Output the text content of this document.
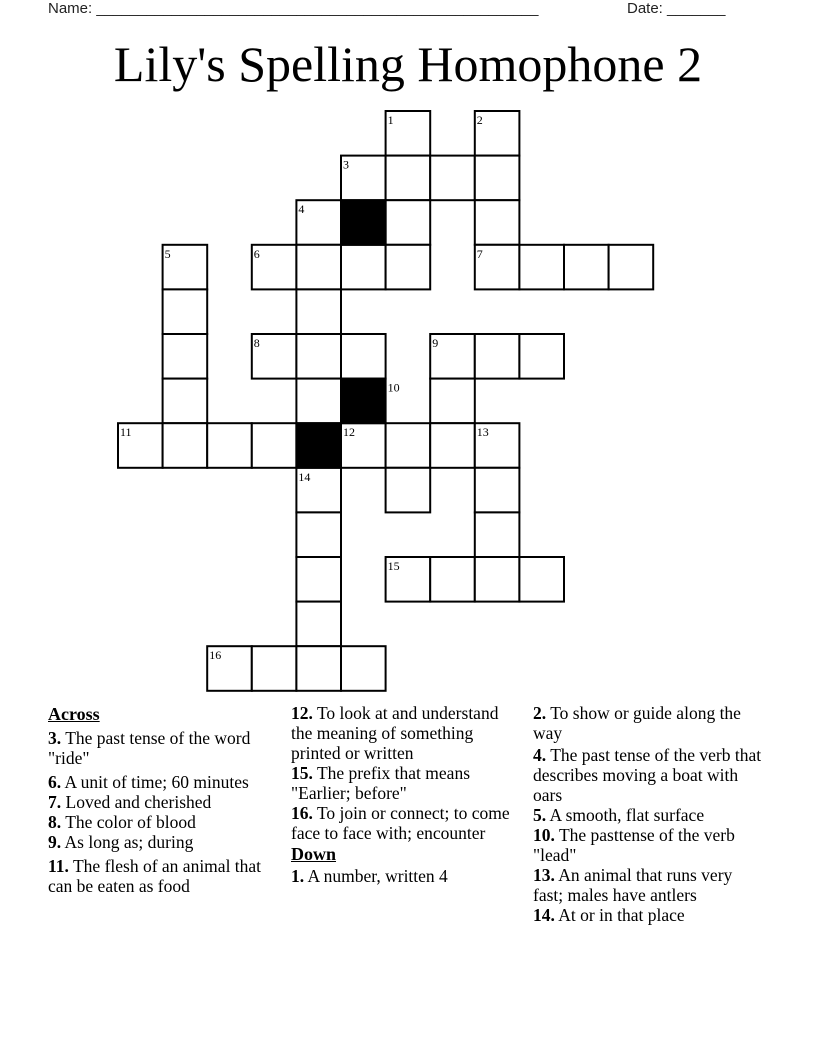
Name: _____________________________________________________	Date: _______
Lily's Spelling Homophone 2
1	2
3
4
5	6	7
8	9
10
11	12	13
14
15
16
Across
3. The past tense of the word "ride"
6. A unit of time; 60 minutes
7. Loved and cherished
8. The color of blood
9. As long as; during
11. The flesh of an animal that can be eaten as food
12. To look at and understand the meaning of something printed or written
15. The prefix that means "Earlier; before"
16. To join or connect; to come face to face with; encounter
Down
1. A number, written 4
2. To show or guide along the way
4. The past tense of the verb that describes moving a boat with oars
5. A smooth, flat surface
10. The pasttense of the verb "lead"
13. An animal that runs very fast; males have antlers
14. At or in that place
